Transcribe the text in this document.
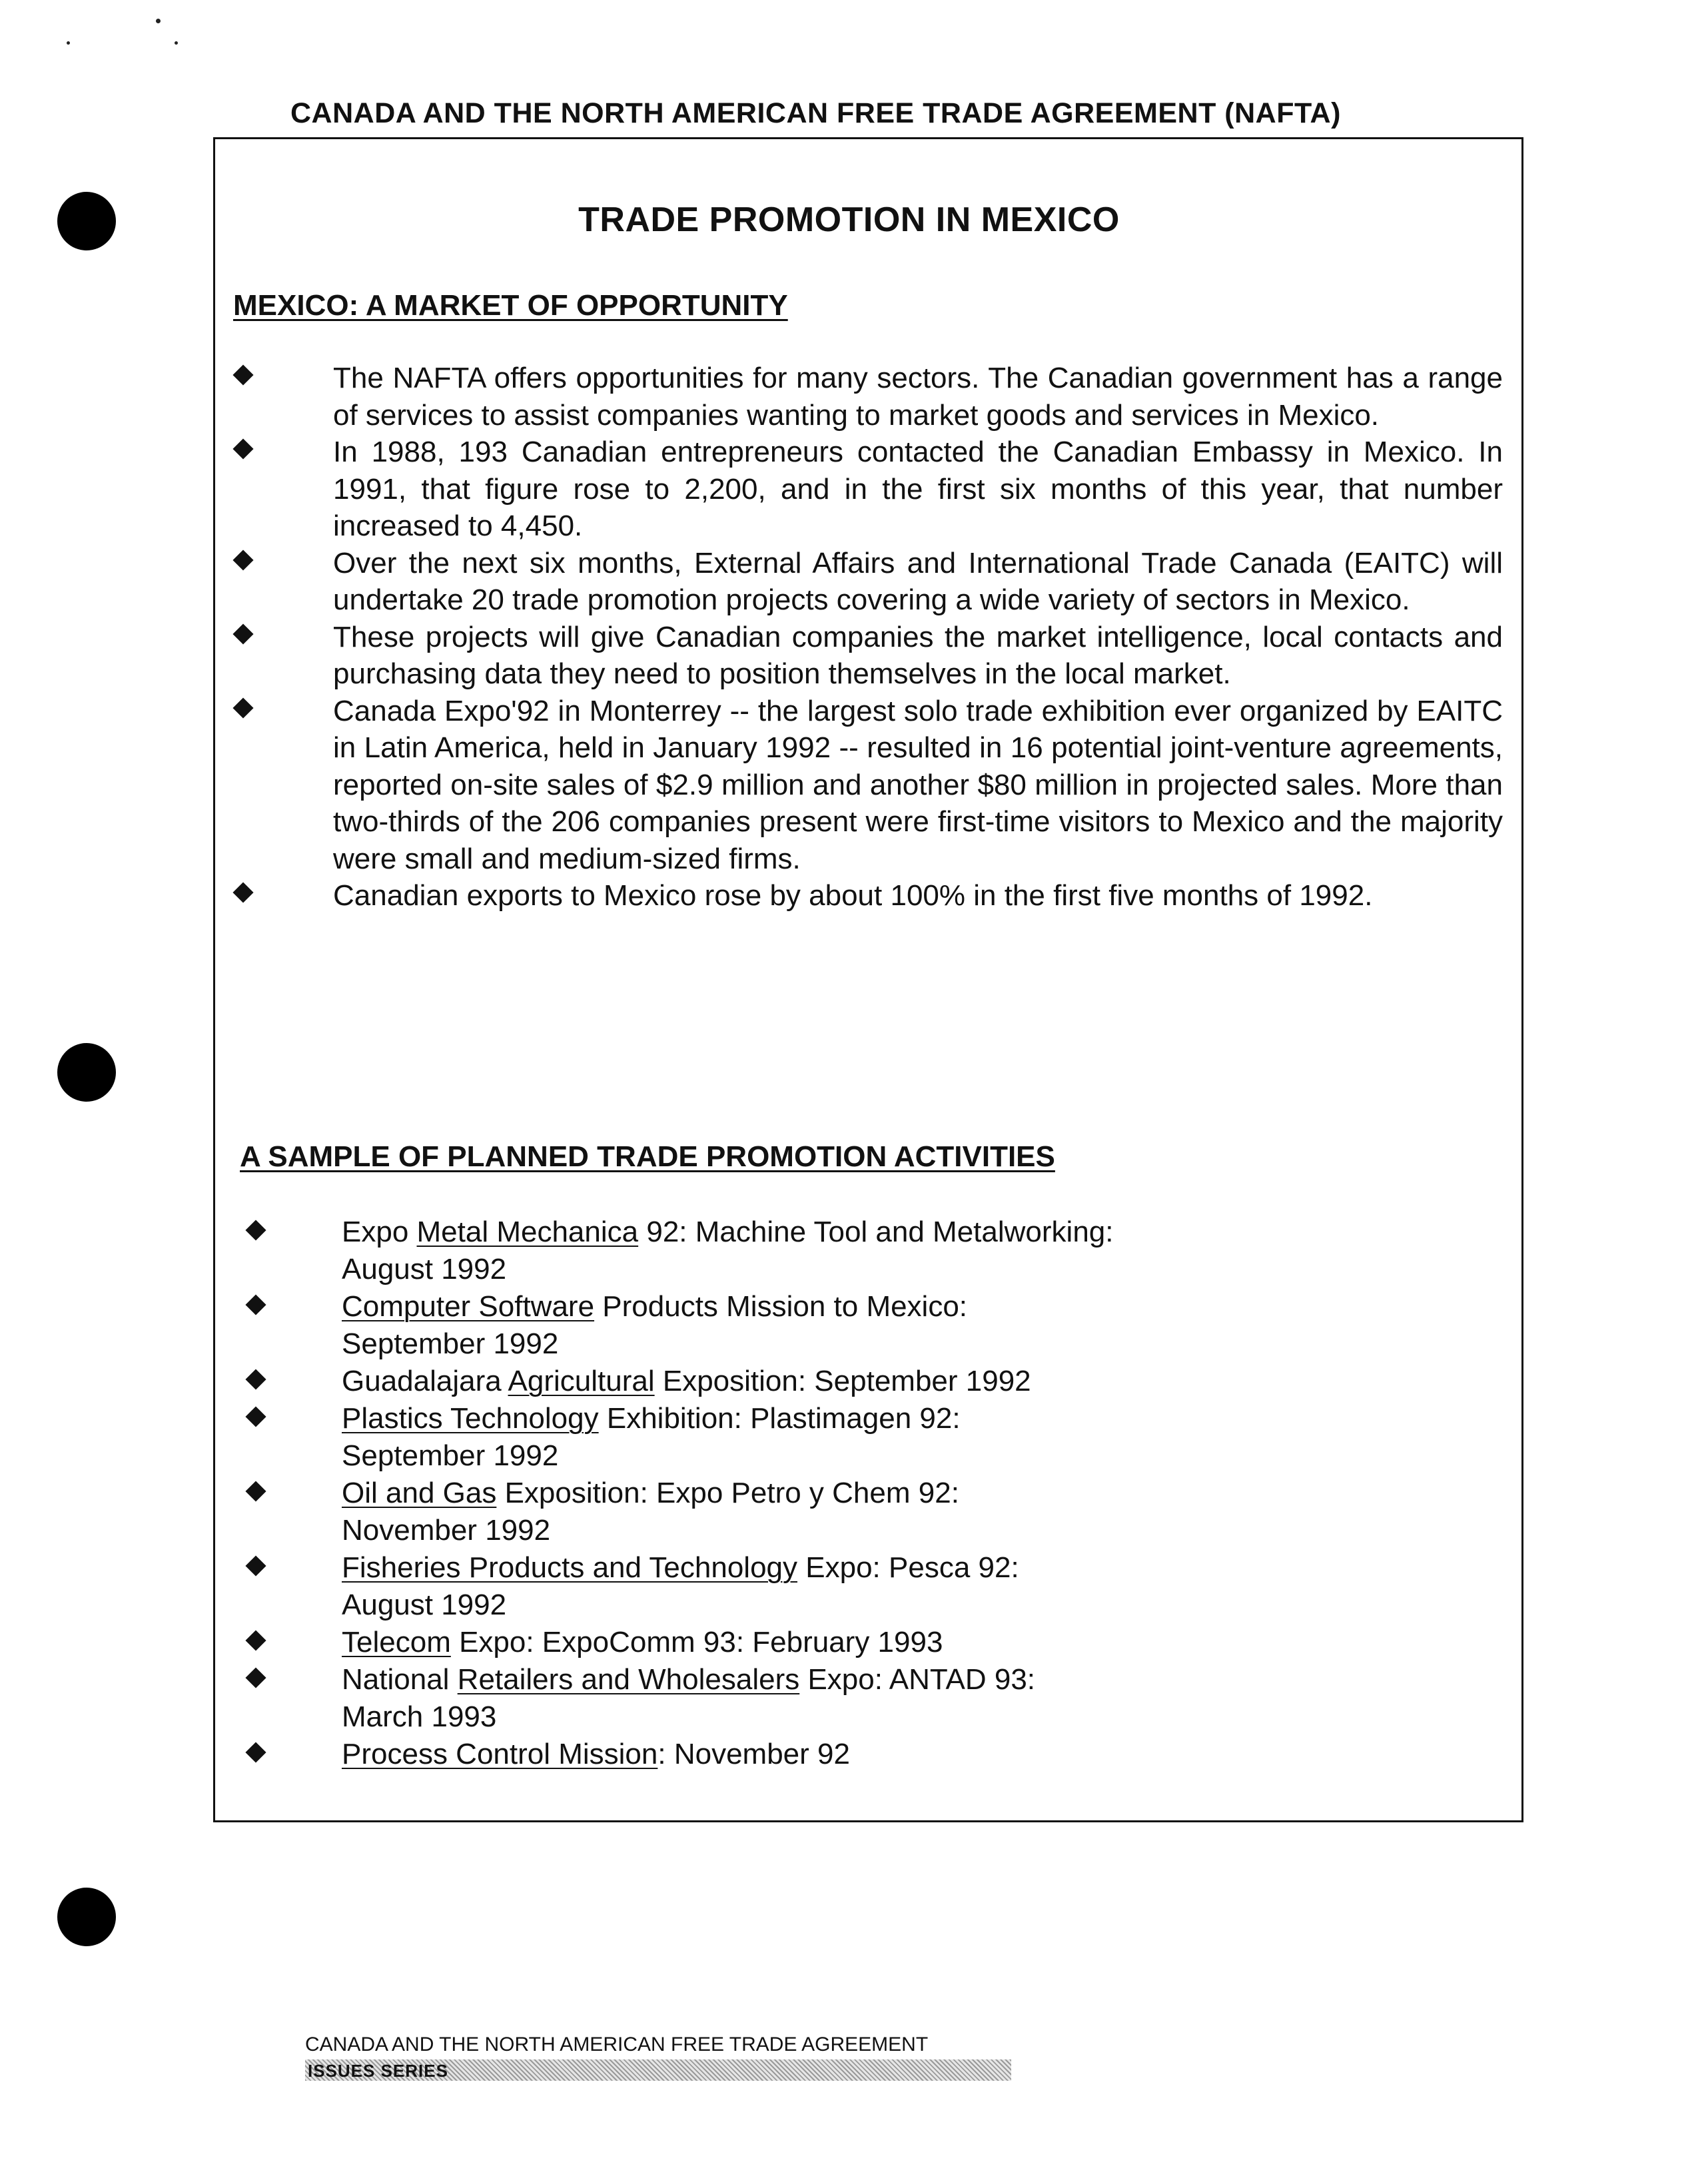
CANADA AND THE NORTH AMERICAN FREE TRADE AGREEMENT (NAFTA)
TRADE PROMOTION IN MEXICO
MEXICO: A MARKET OF OPPORTUNITY
The NAFTA offers opportunities for many sectors. The Canadian government has a range of services to assist companies wanting to market goods and services in Mexico.
In 1988, 193 Canadian entrepreneurs contacted the Canadian Embassy in Mexico. In 1991, that figure rose to 2,200, and in the first six months of this year, that number increased to 4,450.
Over the next six months, External Affairs and International Trade Canada (EAITC) will undertake 20 trade promotion projects covering a wide variety of sectors in Mexico.
These projects will give Canadian companies the market intelligence, local contacts and purchasing data they need to position themselves in the local market.
Canada Expo'92 in Monterrey -- the largest solo trade exhibition ever organized by EAITC in Latin America, held in January 1992 -- resulted in 16 potential joint-venture agreements, reported on-site sales of $2.9 million and another $80 million in projected sales. More than two-thirds of the 206 companies present were first-time visitors to Mexico and the majority were small and medium-sized firms.
Canadian exports to Mexico rose by about 100% in the first five months of 1992.
A SAMPLE OF PLANNED TRADE PROMOTION ACTIVITIES
Expo Metal Mechanica 92: Machine Tool and Metalworking:
August 1992
Computer Software Products Mission to Mexico:
September 1992
Guadalajara Agricultural Exposition: September 1992
Plastics Technology Exhibition: Plastimagen 92:
September 1992
Oil and Gas Exposition: Expo Petro y Chem 92:
November 1992
Fisheries Products and Technology Expo: Pesca 92:
August 1992
Telecom Expo: ExpoComm 93: February 1993
National Retailers and Wholesalers Expo: ANTAD 93:
March 1993
Process Control Mission: November 92
CANADA AND THE NORTH AMERICAN FREE TRADE AGREEMENT
ISSUES SERIES
